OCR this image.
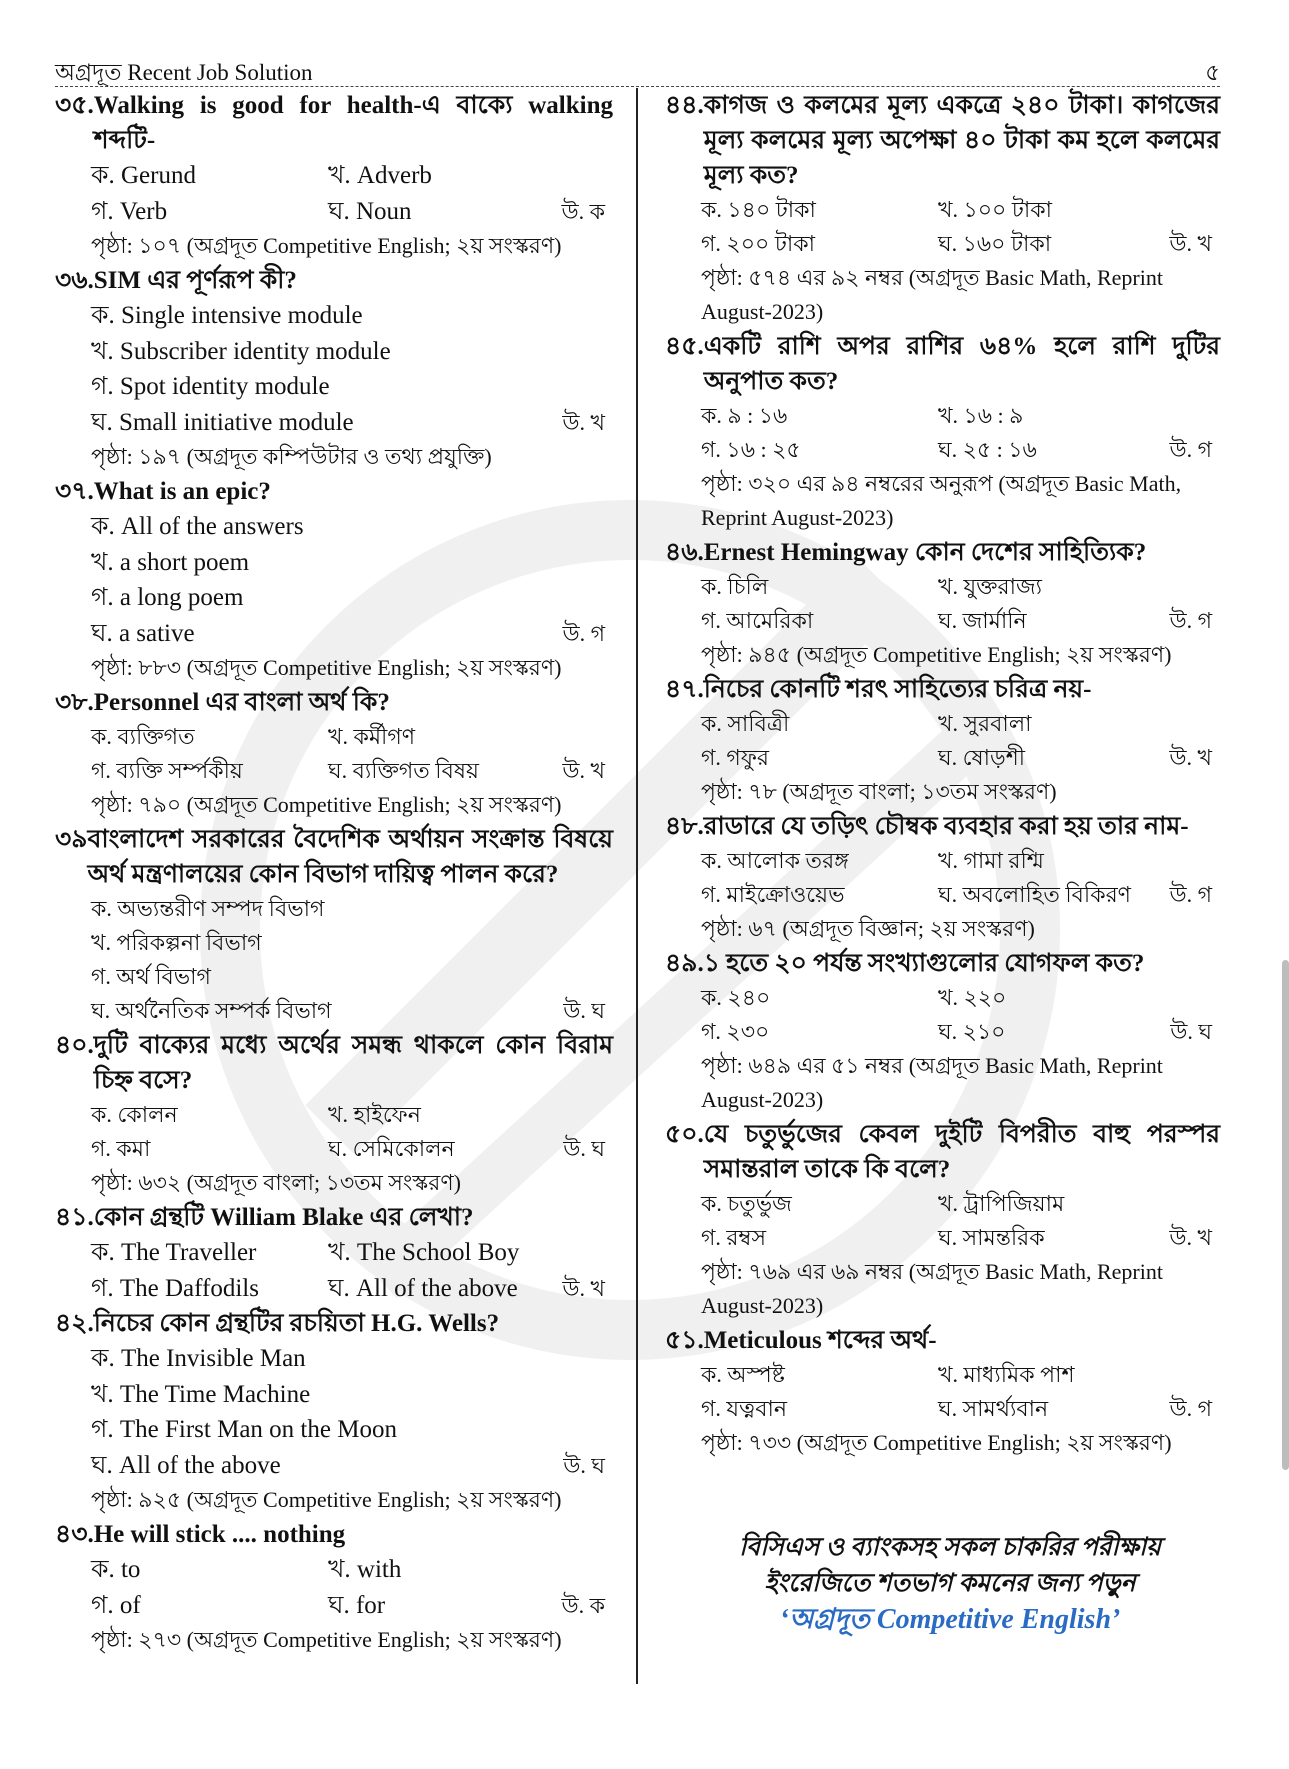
অগ্রদূত Recent Job Solution	৫
৩৫. Walking is good for health-এ বাক্যে walking শব্দটি-
ক. Gerund	খ. Adverb
গ. Verb	ঘ. Noun	উ. ক
পৃষ্ঠা: ১০৭ (অগ্রদূত Competitive English; ২য় সংস্করণ)
৩৬. SIM এর পূর্ণরূপ কী?
ক. Single intensive module
খ. Subscriber identity module
গ. Spot identity module
ঘ. Small initiative module	উ. খ
পৃষ্ঠা: ১৯৭ (অগ্রদূত কম্পিউটার ও তথ্য প্রযুক্তি)
৩৭. What is an epic?
ক. All of the answers
খ. a short poem
গ. a long poem
ঘ. a sative	উ. গ
পৃষ্ঠা: ৮৮৩ (অগ্রদূত Competitive English; ২য় সংস্করণ)
৩৮. Personnel এর বাংলা অর্থ কি?
ক. ব্যক্তিগত	খ. কর্মীগণ
গ. ব্যক্তি সর্ম্পকীয়	ঘ. ব্যক্তিগত বিষয়	উ. খ
পৃষ্ঠা: ৭৯০ (অগ্রদূত Competitive English; ২য় সংস্করণ)
৩৯ বাংলাদেশ সরকারের বৈদেশিক অর্থায়ন সংক্রান্ত বিষয়ে অর্থ মন্ত্রণালয়ের কোন বিভাগ দায়িত্ব পালন করে?
ক. অভ্যন্তরীণ সম্পদ বিভাগ
খ. পরিকল্পনা বিভাগ
গ. অর্থ বিভাগ
ঘ. অর্থনৈতিক সম্পর্ক বিভাগ	উ. ঘ
৪০. দুটি বাক্যের মধ্যে অর্থের সমন্ধ থাকলে কোন বিরাম চিহ্ন বসে?
ক. কোলন	খ. হাইফেন
গ. কমা	ঘ. সেমিকোলন	উ. ঘ
পৃষ্ঠা: ৬৩২ (অগ্রদূত বাংলা; ১৩তম সংস্করণ)
৪১. কোন গ্রন্থটি William Blake এর লেখা?
ক. The Traveller	খ. The School Boy
গ. The Daffodils	ঘ. All of the above	উ. খ
৪২. নিচের কোন গ্রন্থটির রচয়িতা H.G. Wells?
ক. The Invisible Man
খ. The Time Machine
গ. The First Man on the Moon
ঘ. All of the above	উ. ঘ
পৃষ্ঠা: ৯২৫ (অগ্রদূত Competitive English; ২য় সংস্করণ)
৪৩. He will stick .... nothing
ক. to	খ. with
গ. of	ঘ. for	উ. ক
পৃষ্ঠা: ২৭৩ (অগ্রদূত Competitive English; ২য় সংস্করণ)
৪৪. কাগজ ও কলমের মূল্য একত্রে ২৪০ টাকা। কাগজের মূল্য কলমের মূল্য অপেক্ষা ৪০ টাকা কম হলে কলমের মূল্য কত?
ক. ১৪০ টাকা	খ. ১০০ টাকা
গ. ২০০ টাকা	ঘ. ১৬০ টাকা	উ. খ
পৃষ্ঠা: ৫৭৪ এর ৯২ নম্বর (অগ্রদূত Basic Math, Reprint August-2023)
৪৫. একটি রাশি অপর রাশির ৬৪% হলে রাশি দুটির অনুপাত কত?
ক. ৯ : ১৬	খ. ১৬ : ৯
গ. ১৬ : ২৫	ঘ. ২৫ : ১৬	উ. গ
পৃষ্ঠা: ৩২০ এর ৯৪ নম্বরের অনুরূপ (অগ্রদূত Basic Math, Reprint August-2023)
৪৬. Ernest Hemingway কোন দেশের সাহিত্যিক?
ক. চিলি	খ. যুক্তরাজ্য
গ. আমেরিকা	ঘ. জার্মানি	উ. গ
পৃষ্ঠা: ৯৪৫ (অগ্রদূত Competitive English; ২য় সংস্করণ)
৪৭. নিচের কোনটি শরৎ সাহিত্যের চরিত্র নয়-
ক. সাবিত্রী	খ. সুরবালা
গ. গফুর	ঘ. ষোড়শী	উ. খ
পৃষ্ঠা: ৭৮ (অগ্রদূত বাংলা; ১৩তম সংস্করণ)
৪৮. রাডারে যে তড়িৎ চৌম্বক ব্যবহার করা হয় তার নাম-
ক. আলোক তরঙ্গ	খ. গামা রশ্মি
গ. মাইক্রোওয়েভ	ঘ. অবলোহিত বিকিরণ	উ. গ
পৃষ্ঠা: ৬৭ (অগ্রদূত বিজ্ঞান; ২য় সংস্করণ)
৪৯. ১ হতে ২০ পর্যন্ত সংখ্যাগুলোর যোগফল কত?
ক. ২৪০	খ. ২২০
গ. ২৩০	ঘ. ২১০	উ. ঘ
পৃষ্ঠা: ৬৪৯ এর ৫১ নম্বর (অগ্রদূত Basic Math, Reprint August-2023)
৫০. যে চতুর্ভুজের কেবল দুইটি বিপরীত বাহু পরস্পর সমান্তরাল তাকে কি বলে?
ক. চতুর্ভুজ	খ. ট্রাপিজিয়াম
গ. রম্বস	ঘ. সামন্তরিক	উ. খ
পৃষ্ঠা: ৭৬৯ এর ৬৯ নম্বর (অগ্রদূত Basic Math, Reprint August-2023)
৫১. Meticulous শব্দের অর্থ-
ক. অস্পষ্ট	খ. মাধ্যমিক পাশ
গ. যত্নবান	ঘ. সামর্থ্যবান	উ. গ
পৃষ্ঠা: ৭৩৩ (অগ্রদূত Competitive English; ২য় সংস্করণ)
বিসিএস ও ব্যাংকসহ সকল চাকরির পরীক্ষায়
ইংরেজিতে শতভাগ কমনের জন্য পড়ুন
‘অগ্রদূত Competitive English’
